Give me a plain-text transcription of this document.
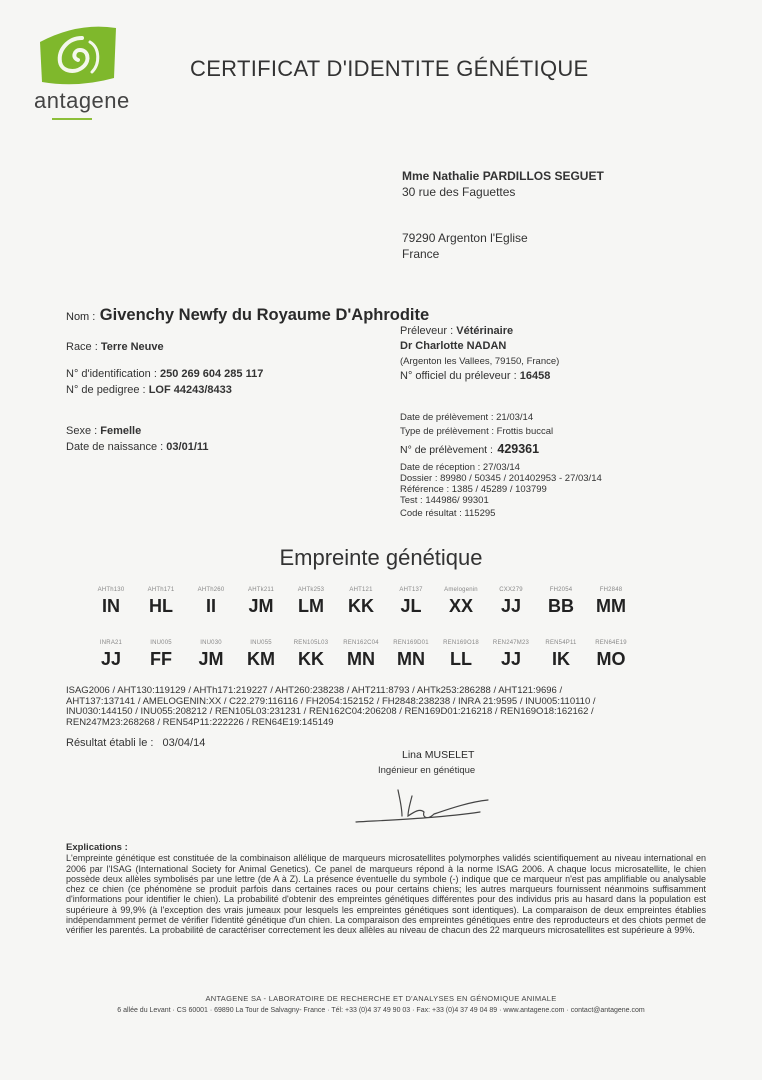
antagene
CERTIFICAT D'IDENTITE GÉNÉTIQUE
Mme Nathalie PARDILLOS SEGUET
30 rue des Faguettes
79290 Argenton l'Eglise
France
Nom : Givenchy Newfy du Royaume D'Aphrodite
Race : Terre Neuve
N° d'identification : 250 269 604 285 117
N° de pedigree : LOF 44243/8433
Sexe : Femelle
Date de naissance : 03/01/11
Préleveur : Vétérinaire
Dr Charlotte NADAN
(Argenton les Vallees, 79150, France)
N° officiel du préleveur : 16458
Date de prélèvement : 21/03/14
Type de prélèvement : Frottis buccal
N° de prélèvement : 429361
Date de réception : 27/03/14
Dossier : 89980 / 50345 / 201402953 - 27/03/14
Référence : 1385 / 45289 / 103799
Test : 144986/ 99301
Code résultat : 115295
Empreinte génétique
AHTh130
IN
AHTh171
HL
AHTh260
II
AHTk211
JM
AHTk253
LM
AHT121
KK
AHT137
JL
Amelogenin
XX
CXX279
JJ
FH2054
BB
FH2848
MM
INRA21
JJ
INU005
FF
INU030
JM
INU055
KM
REN105L03
KK
REN162C04
MN
REN169D01
MN
REN169O18
LL
REN247M23
JJ
REN54P11
IK
REN64E19
MO
ISAG2006 / AHT130:119129 / AHTh171:219227 / AHT260:238238 / AHT211:8793 / AHTk253:286288 / AHT121:9696 / AHT137:137141 / AMELOGENIN:XX / C22.279:116116 / FH2054:152152 / FH2848:238238 / INRA 21:9595 / INU005:110110 / INU030:144150 / INU055:208212 / REN105L03:231231 / REN162C04:206208 / REN169D01:216218 / REN169O18:162162 / REN247M23:268268 / REN54P11:222226 / REN64E19:145149
Résultat établi le : 03/04/14
Lina MUSELET
Ingénieur en génétique
Explications :
L'empreinte génétique est constituée de la combinaison allélique de marqueurs microsatellites polymorphes validés scientifiquement au niveau international en 2006 par l'ISAG (International Society for Animal Genetics). Ce panel de marqueurs répond à la norme ISAG 2006. A chaque locus microsatellite, le chien possède deux allèles symbolisés par une lettre (de A à Z). La présence éventuelle du symbole (-) indique que ce marqueur n'est pas amplifiable ou analysable chez ce chien (ce phénomène se produit parfois dans certaines races ou pour certains chiens; les autres marqueurs fournissent néanmoins suffisamment d'informations pour identifier le chien). La probabilité d'obtenir des empreintes génétiques différentes pour des individus pris au hasard dans la population est supérieure à 99,9% (à l'exception des vrais jumeaux pour lesquels les empreintes génétiques sont identiques). La comparaison de deux empreintes établies indépendamment permet de vérifier l'identité génétique d'un chien. La comparaison des empreintes génétiques entre des reproducteurs et des chiots permet de vérifier les parentés. La probabilité de caractériser correctement les deux allèles au niveau de chacun des 22 marqueurs microsatellites est supérieure à 99%.
ANTAGENE SA - LABORATOIRE DE RECHERCHE ET D'ANALYSES EN GÉNOMIQUE ANIMALE
6 allée du Levant · CS 60001 · 69890 La Tour de Salvagny- France · Tél: +33 (0)4 37 49 90 03 · Fax: +33 (0)4 37 49 04 89 · www.antagene.com · contact@antagene.com
